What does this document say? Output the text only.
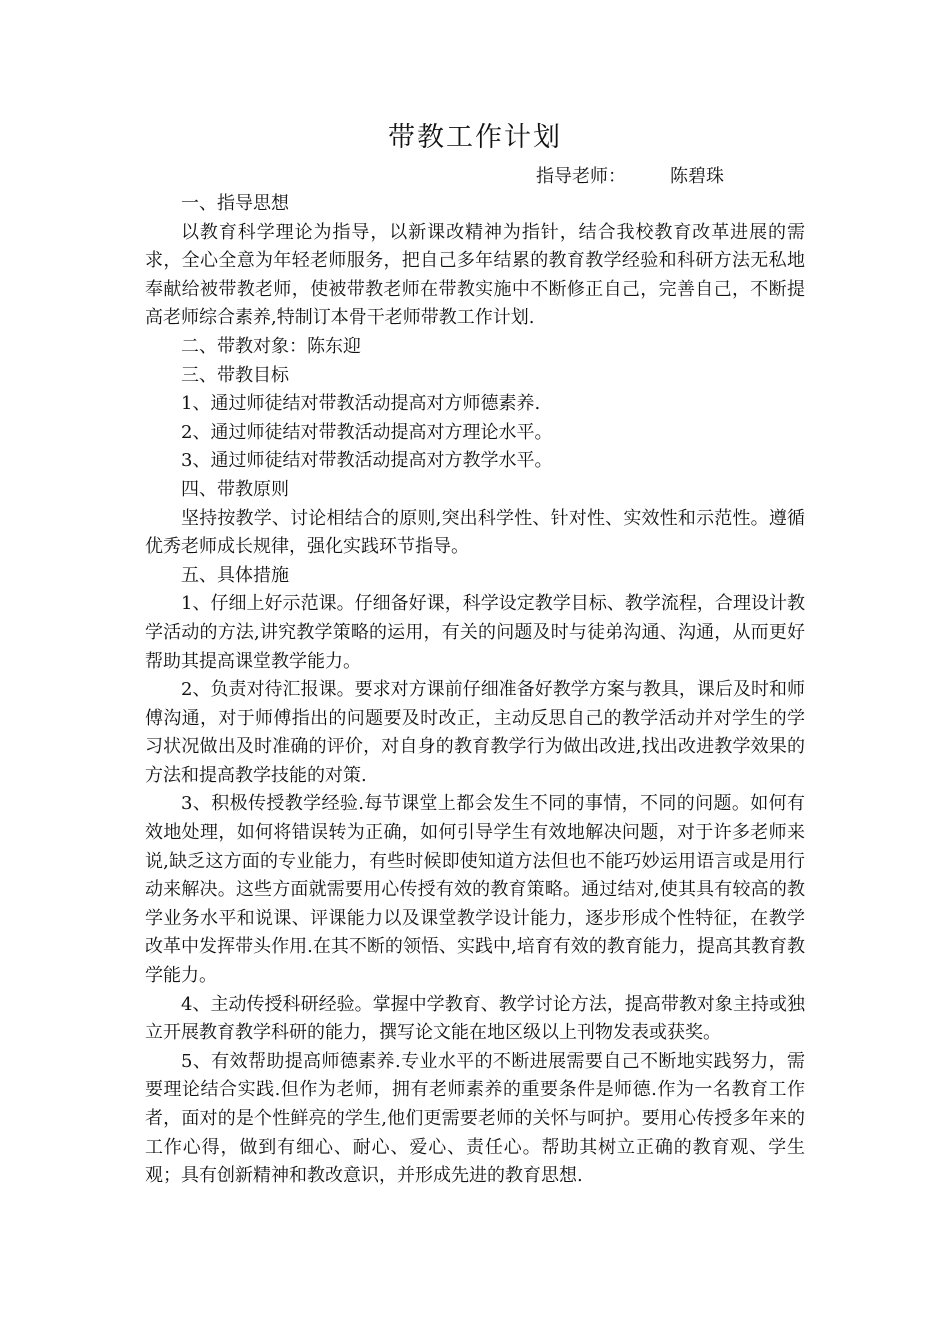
带教工作计划
指导老师： 陈碧珠

一、指导思想

以教育科学理论为指导，以新课改精神为指针，结合我校教育改革进展的需求，全心全意为年轻老师服务，把自己多年结累的教育教学经验和科研方法无私地奉献给被带教老师，使被带教老师在带教实施中不断修正自己，完善自己，不断提高老师综合素养,特制订本骨干老师带教工作计划.

二、带教对象：陈东迎

三、带教目标

1、通过师徒结对带教活动提高对方师德素养.

2、通过师徒结对带教活动提高对方理论水平。

3、通过师徒结对带教活动提高对方教学水平。

四、带教原则

坚持按教学、讨论相结合的原则,突出科学性、针对性、实效性和示范性。遵循优秀老师成长规律，强化实践环节指导。

五、具体措施

1、仔细上好示范课。仔细备好课，科学设定教学目标、教学流程，合理设计教学活动的方法,讲究教学策略的运用，有关的问题及时与徒弟沟通、沟通，从而更好帮助其提高课堂教学能力。

2、负责对待汇报课。要求对方课前仔细准备好教学方案与教具，课后及时和师傅沟通，对于师傅指出的问题要及时改正，主动反思自己的教学活动并对学生的学习状况做出及时准确的评价，对自身的教育教学行为做出改进,找出改进教学效果的方法和提高教学技能的对策.

3、积极传授教学经验.每节课堂上都会发生不同的事情，不同的问题。如何有效地处理，如何将错误转为正确，如何引导学生有效地解决问题，对于许多老师来说,缺乏这方面的专业能力，有些时候即使知道方法但也不能巧妙运用语言或是用行动来解决。这些方面就需要用心传授有效的教育策略。通过结对,使其具有较高的教学业务水平和说课、评课能力以及课堂教学设计能力，逐步形成个性特征，在教学改革中发挥带头作用.在其不断的领悟、实践中,培育有效的教育能力，提高其教育教学能力。

4、主动传授科研经验。掌握中学教育、教学讨论方法，提高带教对象主持或独立开展教育教学科研的能力，撰写论文能在地区级以上刊物发表或获奖。

5、有效帮助提高师德素养.专业水平的不断进展需要自己不断地实践努力，需要理论结合实践.但作为老师，拥有老师素养的重要条件是师德.作为一名教育工作者，面对的是个性鲜亮的学生,他们更需要老师的关怀与呵护。要用心传授多年来的工作心得，做到有细心、耐心、爱心、责任心。帮助其树立正确的教育观、学生观；具有创新精神和教改意识，并形成先进的教育思想.
